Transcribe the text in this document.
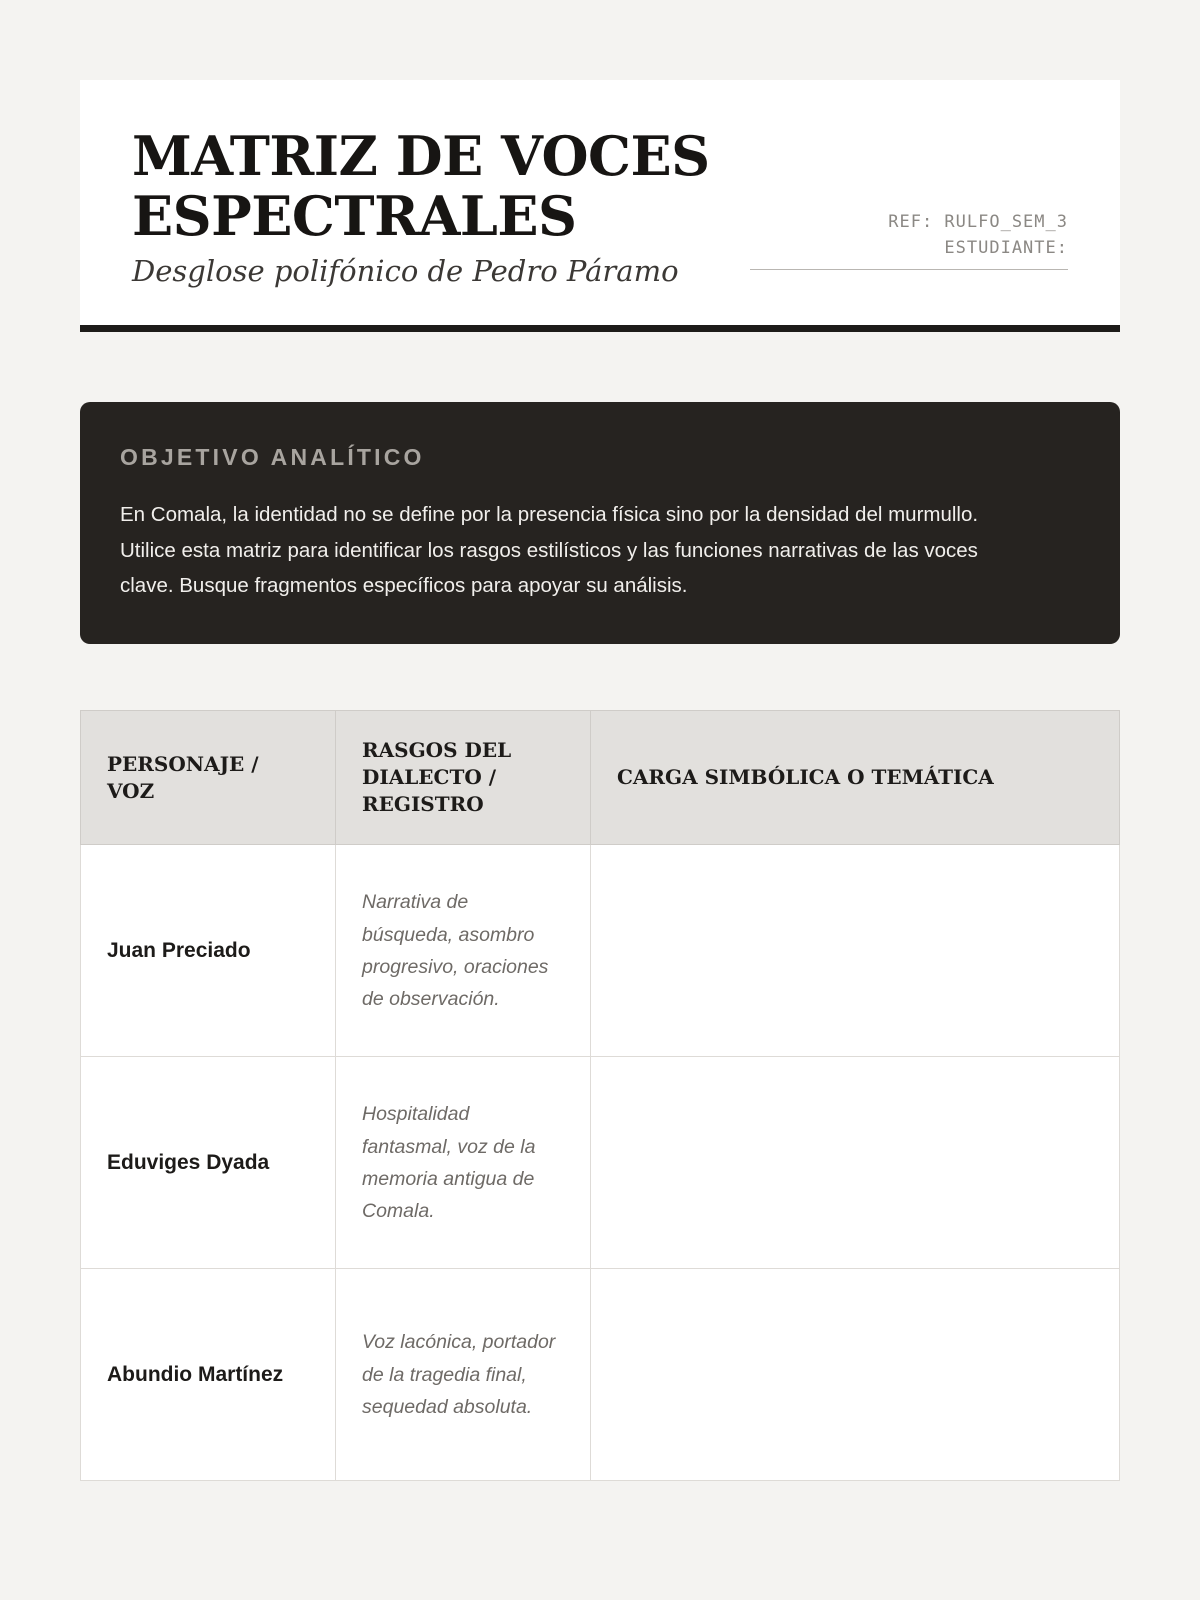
MATRIZ DE VOCES ESPECTRALES

Desglose polifónico de Pedro Páramo

REF: RULFO_SEM_3
ESTUDIANTE:
OBJETIVO ANALÍTICO

En Comala, la identidad no se define por la presencia física sino por la densidad del murmullo. Utilice esta matriz para identificar los rasgos estilísticos y las funciones narrativas de las voces clave. Busque fragmentos específicos para apoyar su análisis.

PERSONAJE / VOZ	RASGOS DEL DIALECTO / REGISTRO	CARGA SIMBÓLICA O TEMÁTICA
Juan Preciado	Narrativa de búsqueda, asombro progresivo, oraciones de observación.	
Eduviges Dyada	Hospitalidad fantasmal, voz de la memoria antigua de Comala.	
Abundio Martínez	Voz lacónica, portador de la tragedia final, sequedad absoluta.	
